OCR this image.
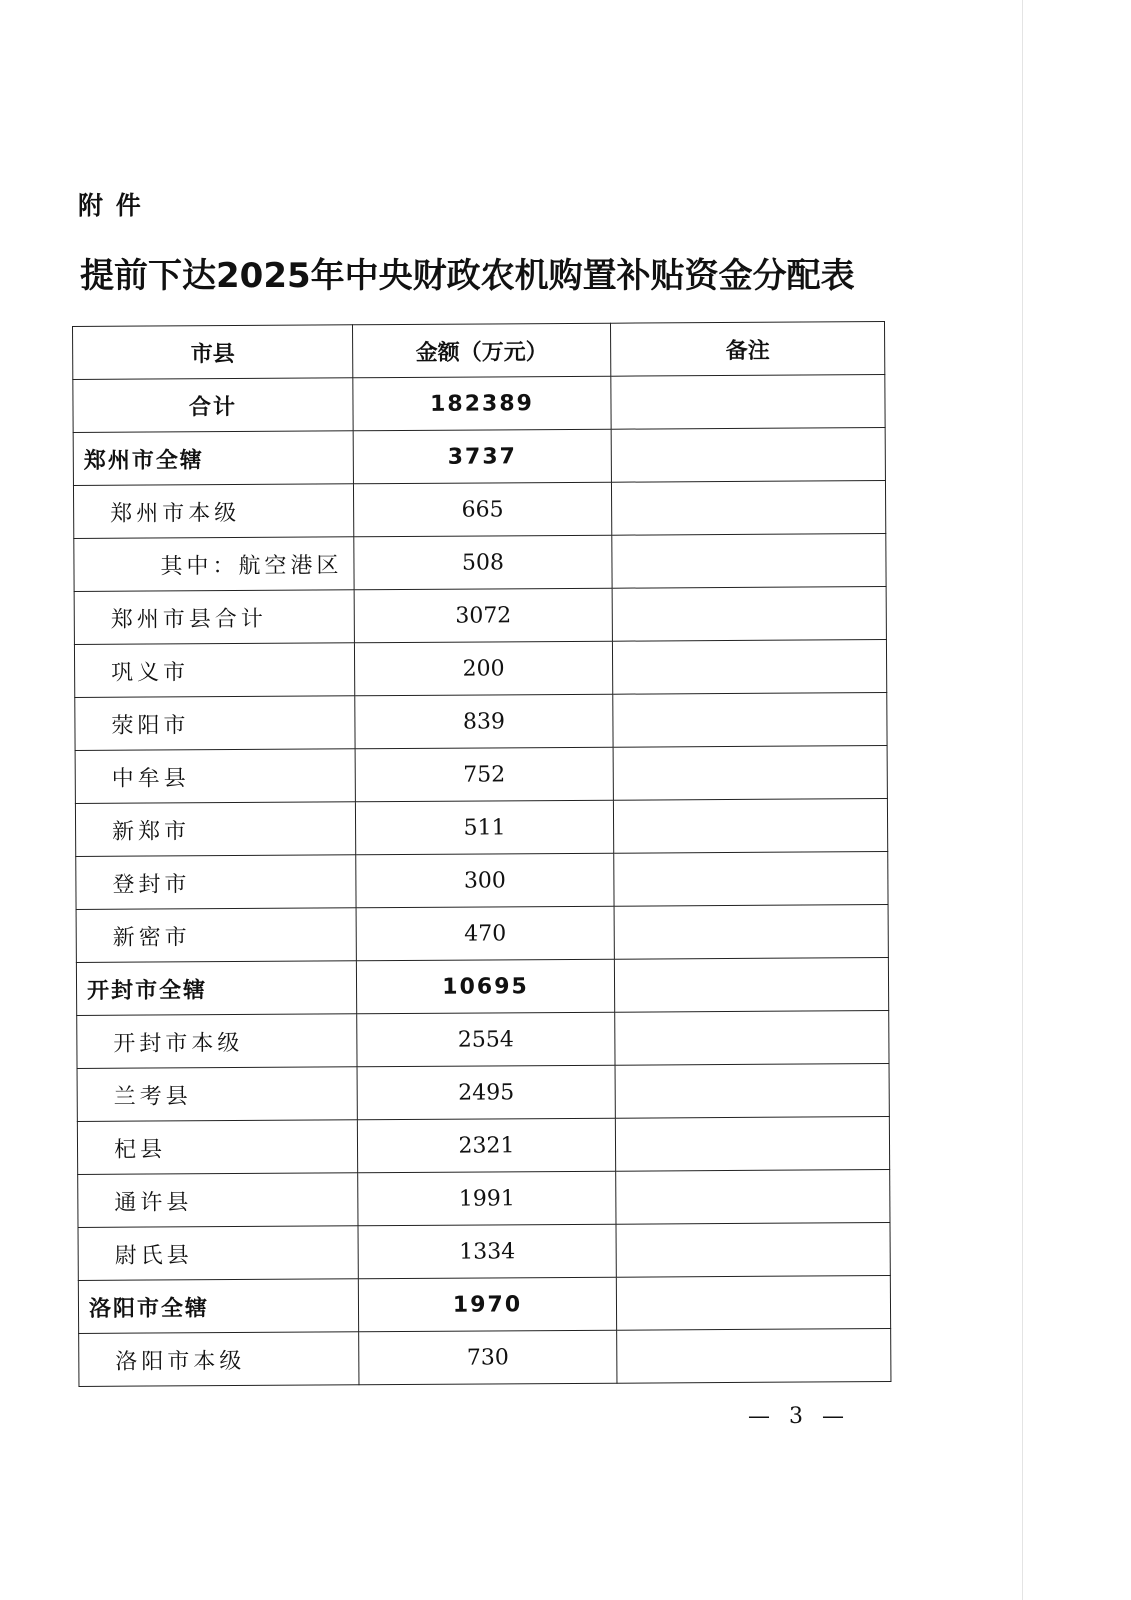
附 件
提前下达2025年中央财政农机购置补贴资金分配表
市县	金额（万元）	备注
合计	182389	
郑州市全辖	3737	
郑州市本级	665	
其中：航空港区	508	
郑州市县合计	3072	
巩义市	200	
荥阳市	839	
中牟县	752	
新郑市	511	
登封市	300	
新密市	470	
开封市全辖	10695	
开封市本级	2554	
兰考县	2495	
杞县	2321	
通许县	1991	
尉氏县	1334	
洛阳市全辖	1970	
洛阳市本级	730	
— 3 —
